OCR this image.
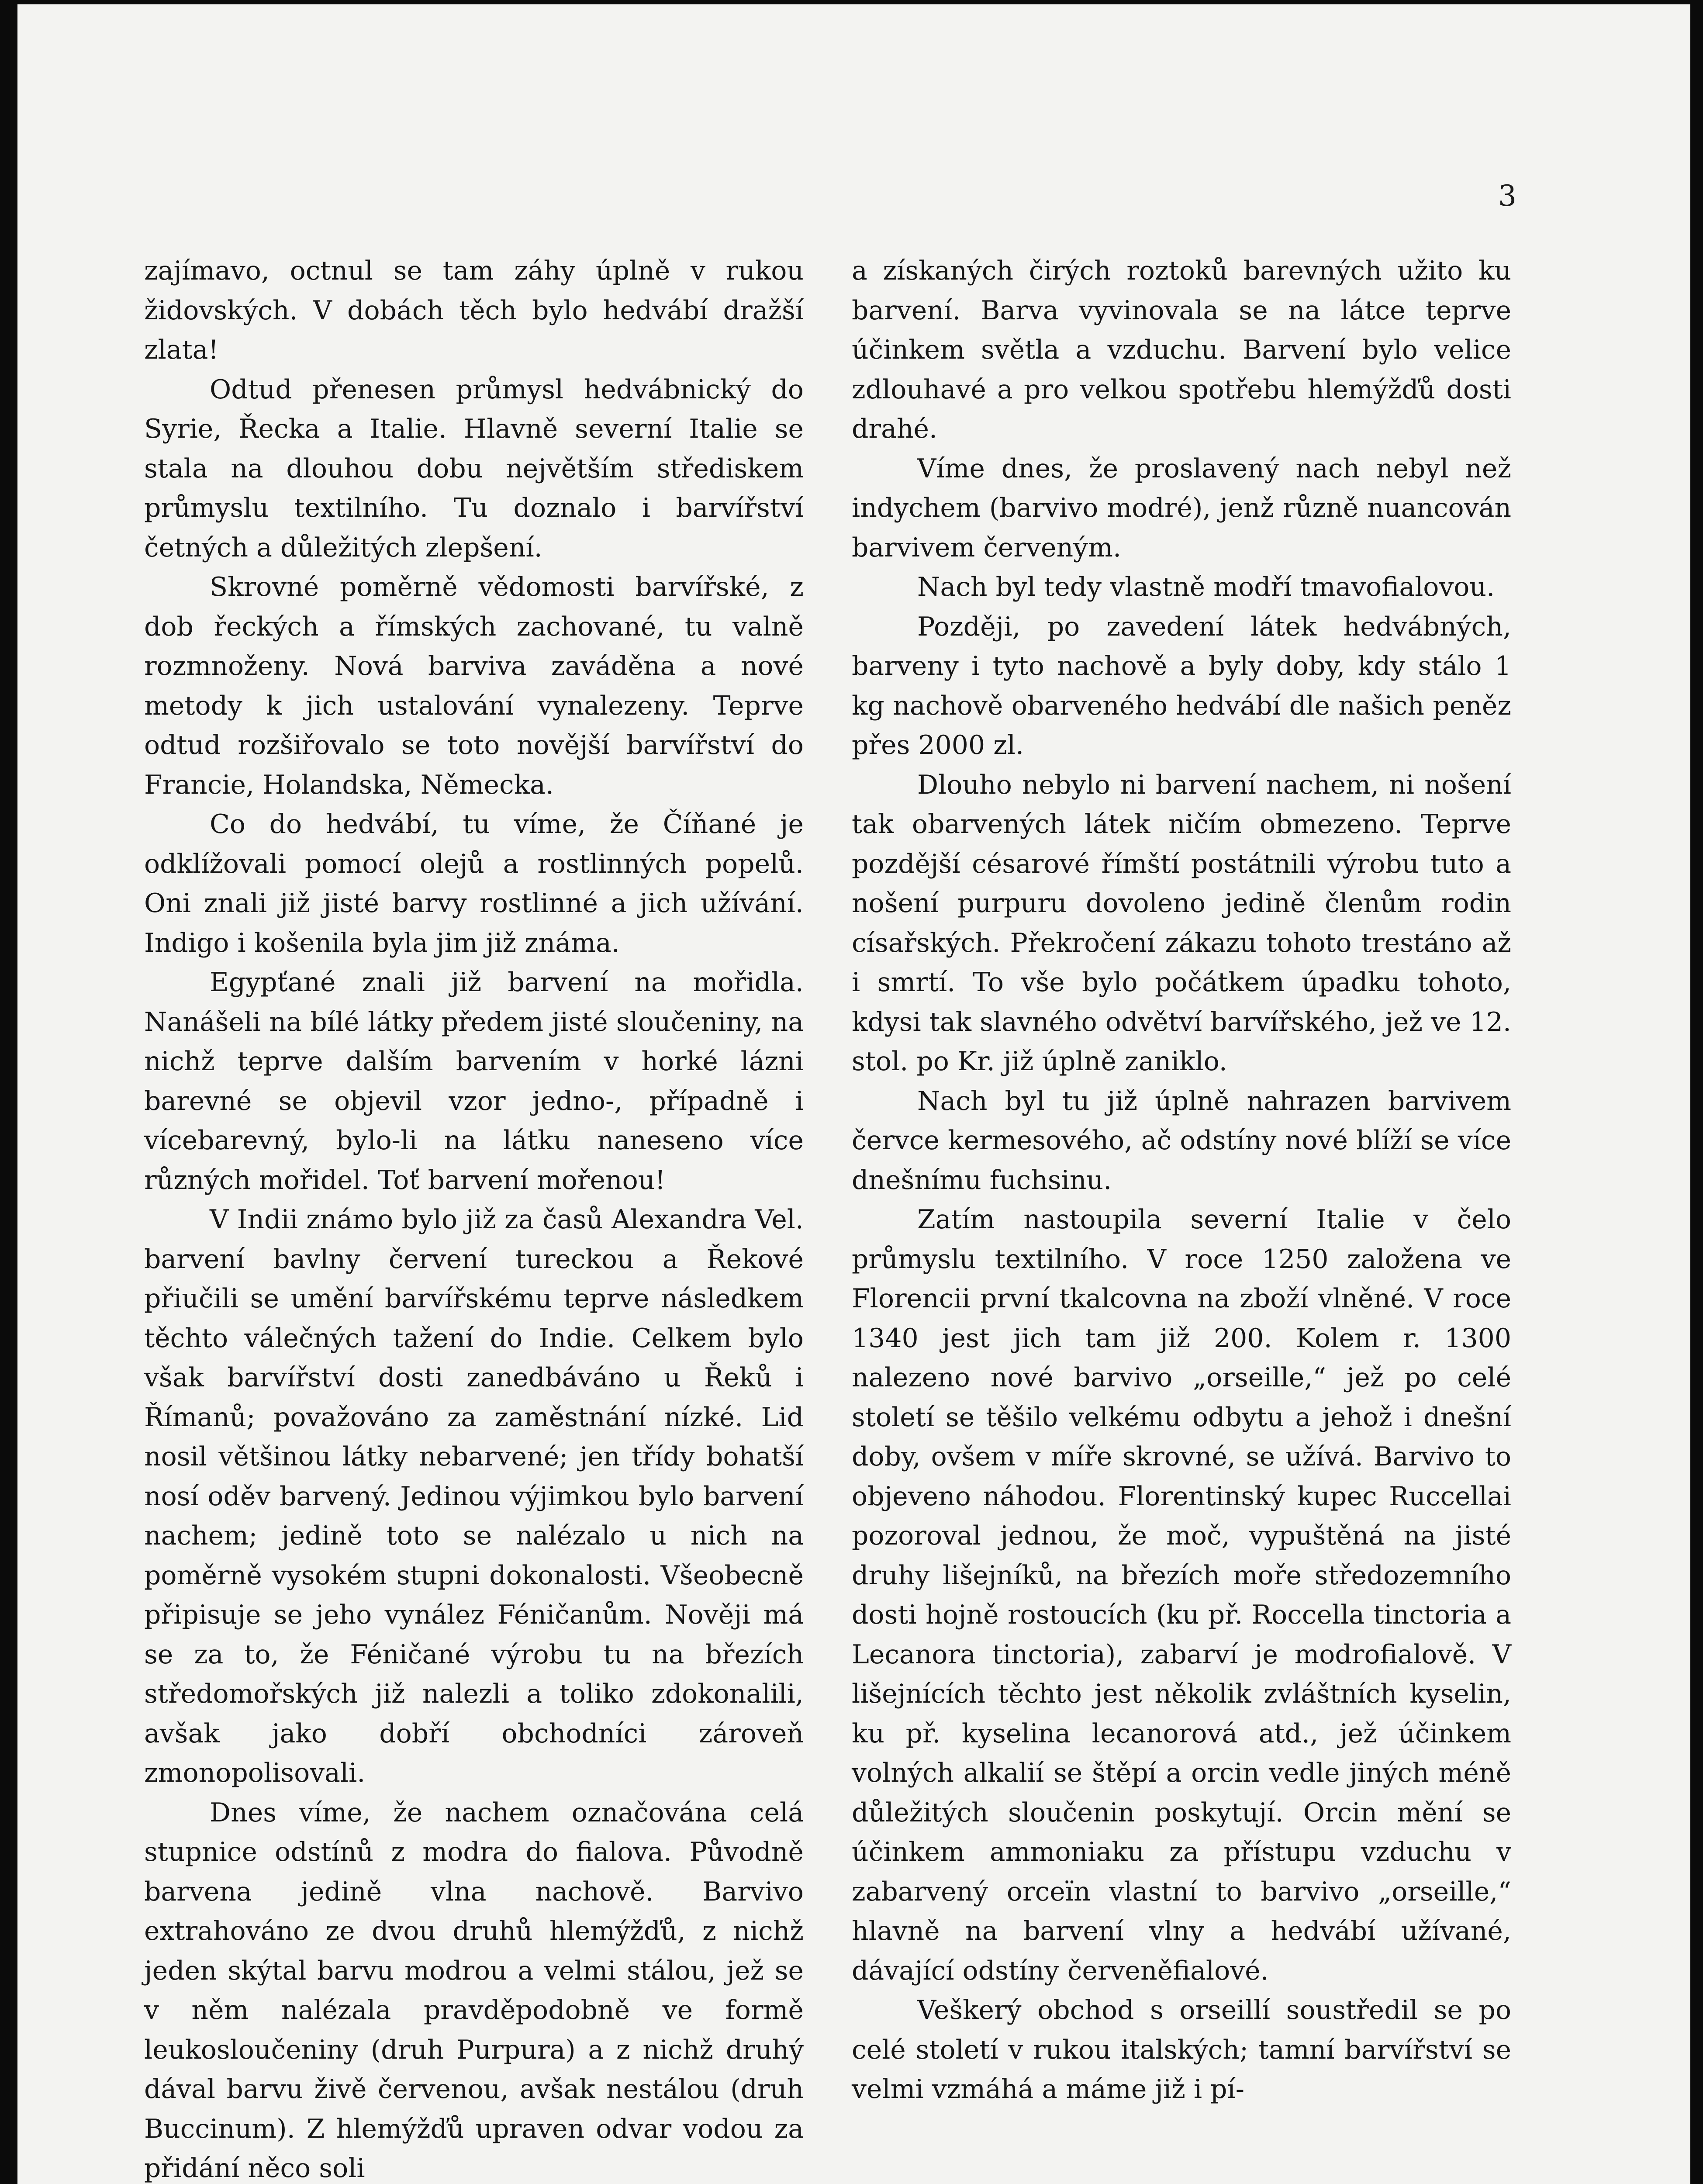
3

zajímavo, octnul se tam záhy úplně v rukou židovských. V dobách těch bylo hedvábí dražší zlata!

Odtud přenesen průmysl hedvábnický do Syrie, Řecka a Italie. Hlavně severní Italie se stala na dlouhou dobu největším střediskem průmyslu textilního. Tu doznalo i barvířství četných a důležitých zlepšení.

Skrovné poměrně vědomosti barvířské, z dob řeckých a římských zachované, tu valně rozmnoženy. Nová barviva zaváděna a nové metody k jich ustalování vynalezeny. Teprve odtud rozšiřovalo se toto novější barvířství do Francie, Holandska, Německa.

Co do hedvábí, tu víme, že Číňané je odklížovali pomocí olejů a rostlinných popelů. Oni znali již jisté barvy rostlinné a jich užívání. Indigo i košenila byla jim již známa.

Egypťané znali již barvení na mořidla. Nanášeli na bílé látky předem jisté sloučeniny, na nichž teprve dalším barvením v horké lázni barevné se objevil vzor jedno-, případně i vícebarevný, bylo-li na látku naneseno více různých mořidel. Toť barvení mořenou!

V Indii známo bylo již za časů Alexandra Vel. barvení bavlny červení tureckou a Řekové přiučili se umění barvířskému teprve následkem těchto válečných tažení do Indie. Celkem bylo však barvířství dosti zanedbáváno u Řeků i Římanů; považováno za zaměstnání nízké. Lid nosil většinou látky nebarvené; jen třídy bohatší nosí oděv barvený. Jedinou výjimkou bylo barvení nachem; jedině toto se nalézalo u nich na poměrně vysokém stupni dokonalosti. Všeobecně připisuje se jeho vynález Féničanům. Nověji má se za to, že Féničané výrobu tu na březích středomořských již nalezli a toliko zdokonalili, avšak jako dobří obchodníci zároveň zmonopolisovali.

Dnes víme, že nachem označována celá stupnice odstínů z modra do fialova. Původně barvena jedině vlna nachově. Barvivo extrahováno ze dvou druhů hlemýžďů, z nichž jeden skýtal barvu modrou a velmi stálou, jež se v něm nalézala pravděpodobně ve formě leukosloučeniny (druh Purpura) a z nichž druhý dával barvu živě červenou, avšak nestálou (druh Buccinum). Z hlemýžďů upraven odvar vodou za přidání něco soli

a získaných čirých roztoků barevných užito ku barvení. Barva vyvinovala se na látce teprve účinkem světla a vzduchu. Barvení bylo velice zdlouhavé a pro velkou spotřebu hlemýžďů dosti drahé.

Víme dnes, že proslavený nach nebyl než indychem (barvivo modré), jenž různě nuancován barvivem červeným.

Nach byl tedy vlastně modří tmavofialovou.

Později, po zavedení látek hedvábných, barveny i tyto nachově a byly doby, kdy stálo 1 kg nachově obarveného hedvábí dle našich peněz přes 2000 zl.

Dlouho nebylo ni barvení nachem, ni nošení tak obarvených látek ničím obmezeno. Teprve pozdější césarové římští postátnili výrobu tuto a nošení purpuru dovoleno jedině členům rodin císařských. Překročení zákazu tohoto trestáno až i smrtí. To vše bylo počátkem úpadku tohoto, kdysi tak slavného odvětví barvířského, jež ve 12. stol. po Kr. již úplně zaniklo.

Nach byl tu již úplně nahrazen barvivem červce kermesového, ač odstíny nové blíží se více dnešnímu fuchsinu.

Zatím nastoupila severní Italie v čelo průmyslu textilního. V roce 1250 založena ve Florencii první tkalcovna na zboží vlněné. V roce 1340 jest jich tam již 200. Kolem r. 1300 nalezeno nové barvivo „orseille,“ jež po celé století se těšilo velkému odbytu a jehož i dnešní doby, ovšem v míře skrovné, se užívá. Barvivo to objeveno náhodou. Florentinský kupec Ruccellai pozoroval jednou, že moč, vypuštěná na jisté druhy lišejníků, na březích moře středozemního dosti hojně rostoucích (ku př. Roccella tinctoria a Lecanora tinctoria), zabarví je modrofialově. V lišejnících těchto jest několik zvláštních kyselin, ku př. kyselina lecanorová atd., jež účinkem volných alkalií se štěpí a orcin vedle jiných méně důležitých sloučenin poskytují. Orcin mění se účinkem ammoniaku za přístupu vzduchu v zabarvený orceïn vlastní to barvivo „orseille,“ hlavně na barvení vlny a hedvábí užívané, dávající odstíny červeněfialové.

Veškerý obchod s orseillí soustředil se po celé století v rukou italských; tamní barvířství se velmi vzmáhá a máme již i pí-
